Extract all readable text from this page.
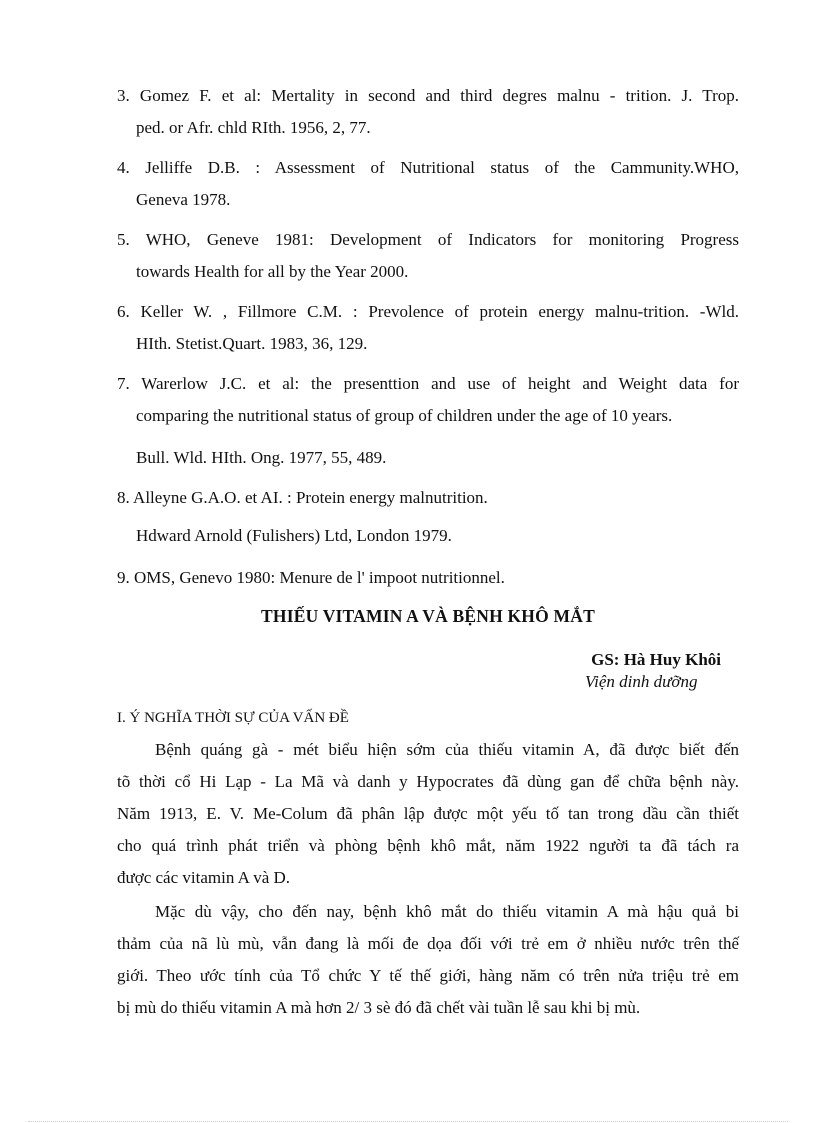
3. Gomez F. et al: Mertality in second and third degres malnu - trition. J. Trop.
ped. or Afr. chld RIth. 1956, 2, 77.
4. Jelliffe D.B. : Assessment of Nutritional status of the Cammunity.WHO,
Geneva 1978.
5. WHO, Geneve 1981: Development of Indicators for monitoring Progress
towards Health for all by the Year 2000.
6. Keller W. , Fillmore C.M. : Prevolence of protein energy malnu-trition. -Wld.
HIth. Stetist.Quart. 1983, 36, 129.
7. Warerlow J.C. et al: the presenttion and use of height and Weight data for
comparing the nutritional status of group of children under the age of 10 years.
Bull. Wld. HIth. Ong. 1977, 55, 489.
8. Alleyne G.A.O. et AI. : Protein energy malnutrition.
Hdward Arnold (Fulishers) Ltd, London 1979.
9. OMS, Genevo 1980: Menure de l' impoot nutritionnel.
THIẾU VITAMIN A VÀ BỆNH KHÔ MẮT
GS: Hà Huy Khôi
Viện dinh dưỡng
I. Ý NGHĨA THỜI SỰ CỦA VẤN ĐỀ
Bệnh quáng gà - mét biểu hiện sớm của thiếu vitamin A, đã được biết đến
tõ thời cổ Hi Lạp - La Mã và danh y Hypocrates đã dùng gan để chữa bệnh này.
Năm 1913, E. V. Me-Colum đã phân lập được một yếu tố tan trong dầu cần thiết
cho quá trình phát triển và phòng bệnh khô mắt, năm 1922 người ta đã tách ra
được các vitamin A và D.
Mặc dù vậy, cho đến nay, bệnh khô mắt do thiếu vitamin A mà hậu quả bi
thảm của nã lù mù, vẫn đang là mối đe dọa đối với trẻ em ở nhiều nước trên thế
giới. Theo ước tính của Tổ chức Y tế thế giới, hàng năm có trên nửa triệu trẻ em
bị mù do thiếu vitamin A mà hơn 2/ 3 sè đó đã chết vài tuần lễ sau khi bị mù.
